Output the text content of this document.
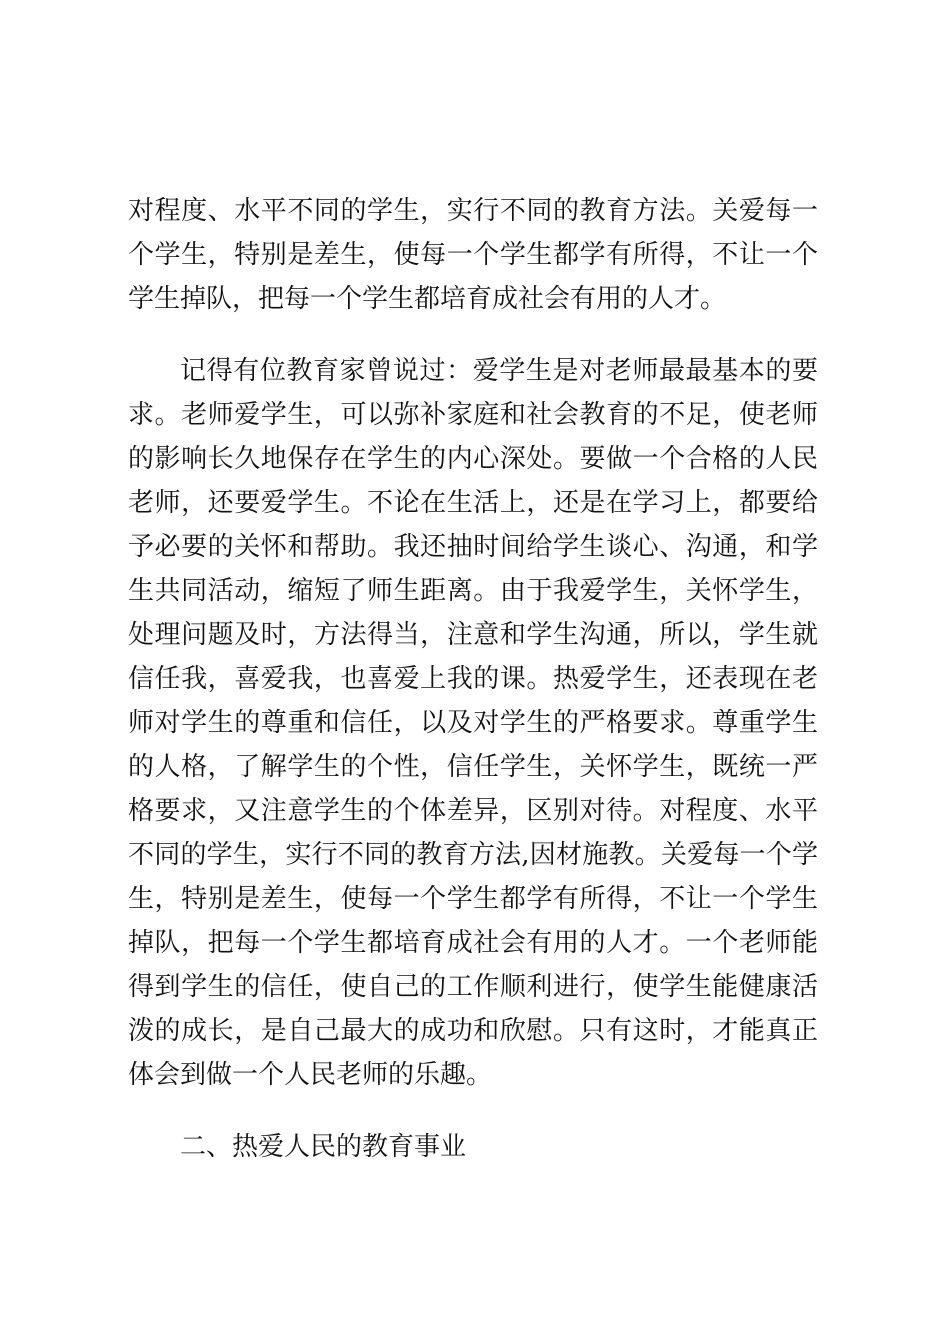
对程度、水平不同的学生，实行不同的教育方法。关爱每一
个学生，特别是差生，使每一个学生都学有所得，不让一个
学生掉队，把每一个学生都培育成社会有用的人才。
记得有位教育家曾说过：爱学生是对老师最最基本的要
求。老师爱学生，可以弥补家庭和社会教育的不足，使老师
的影响长久地保存在学生的内心深处。要做一个合格的人民
老师，还要爱学生。不论在生活上，还是在学习上，都要给
予必要的关怀和帮助。我还抽时间给学生谈心、沟通，和学
生共同活动，缩短了师生距离。由于我爱学生，关怀学生，
处理问题及时，方法得当，注意和学生沟通，所以，学生就
信任我，喜爱我，也喜爱上我的课。热爱学生，还表现在老
师对学生的尊重和信任，以及对学生的严格要求。尊重学生
的人格，了解学生的个性，信任学生，关怀学生，既统一严
格要求，又注意学生的个体差异，区别对待。对程度、水平
不同的学生，实行不同的教育方法,因材施教。关爱每一个学
生，特别是差生，使每一个学生都学有所得，不让一个学生
掉队，把每一个学生都培育成社会有用的人才。一个老师能
得到学生的信任，使自己的工作顺利进行，使学生能健康活
泼的成长，是自己最大的成功和欣慰。只有这时，才能真正
体会到做一个人民老师的乐趣。
二、热爱人民的教育事业
